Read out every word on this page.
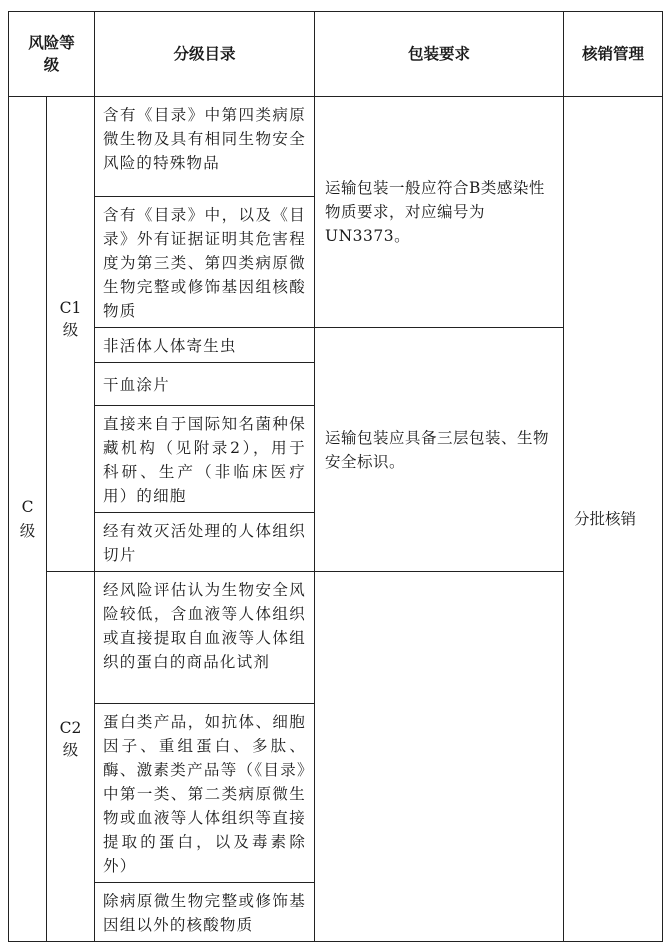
风险等级		分级目录	包装要求	核销管理

C级	C1级	含有《目录》中第四类病原微生物及具有相同生物安全风险的特殊物品	运输包装一般应符合B类感染性物质要求，对应编号为UN3373。	分批核销
		含有《目录》中，以及《目录》外有证据证明其危害程度为第三类、第四类病原微生物完整或修饰基因组核酸物质		
		非活体人体寄生虫	运输包装应具备三层包装、生物安全标识。	
		干血涂片		
		直接来自于国际知名菌种保藏机构（见附录2），用于科研、生产（非临床医疗用）的细胞		
		经有效灭活处理的人体组织切片		

	C2级	经风险评估认为生物安全风险较低，含血液等人体组织或直接提取自血液等人体组织的蛋白的商品化试剂		
		蛋白类产品，如抗体、细胞因子、重组蛋白、多肽、酶、激素类产品等（《目录》中第一类、第二类病原微生物或血液等人体组织等直接提取的蛋白，以及毒素除外）		
		除病原微生物完整或修饰基因组以外的核酸物质		
